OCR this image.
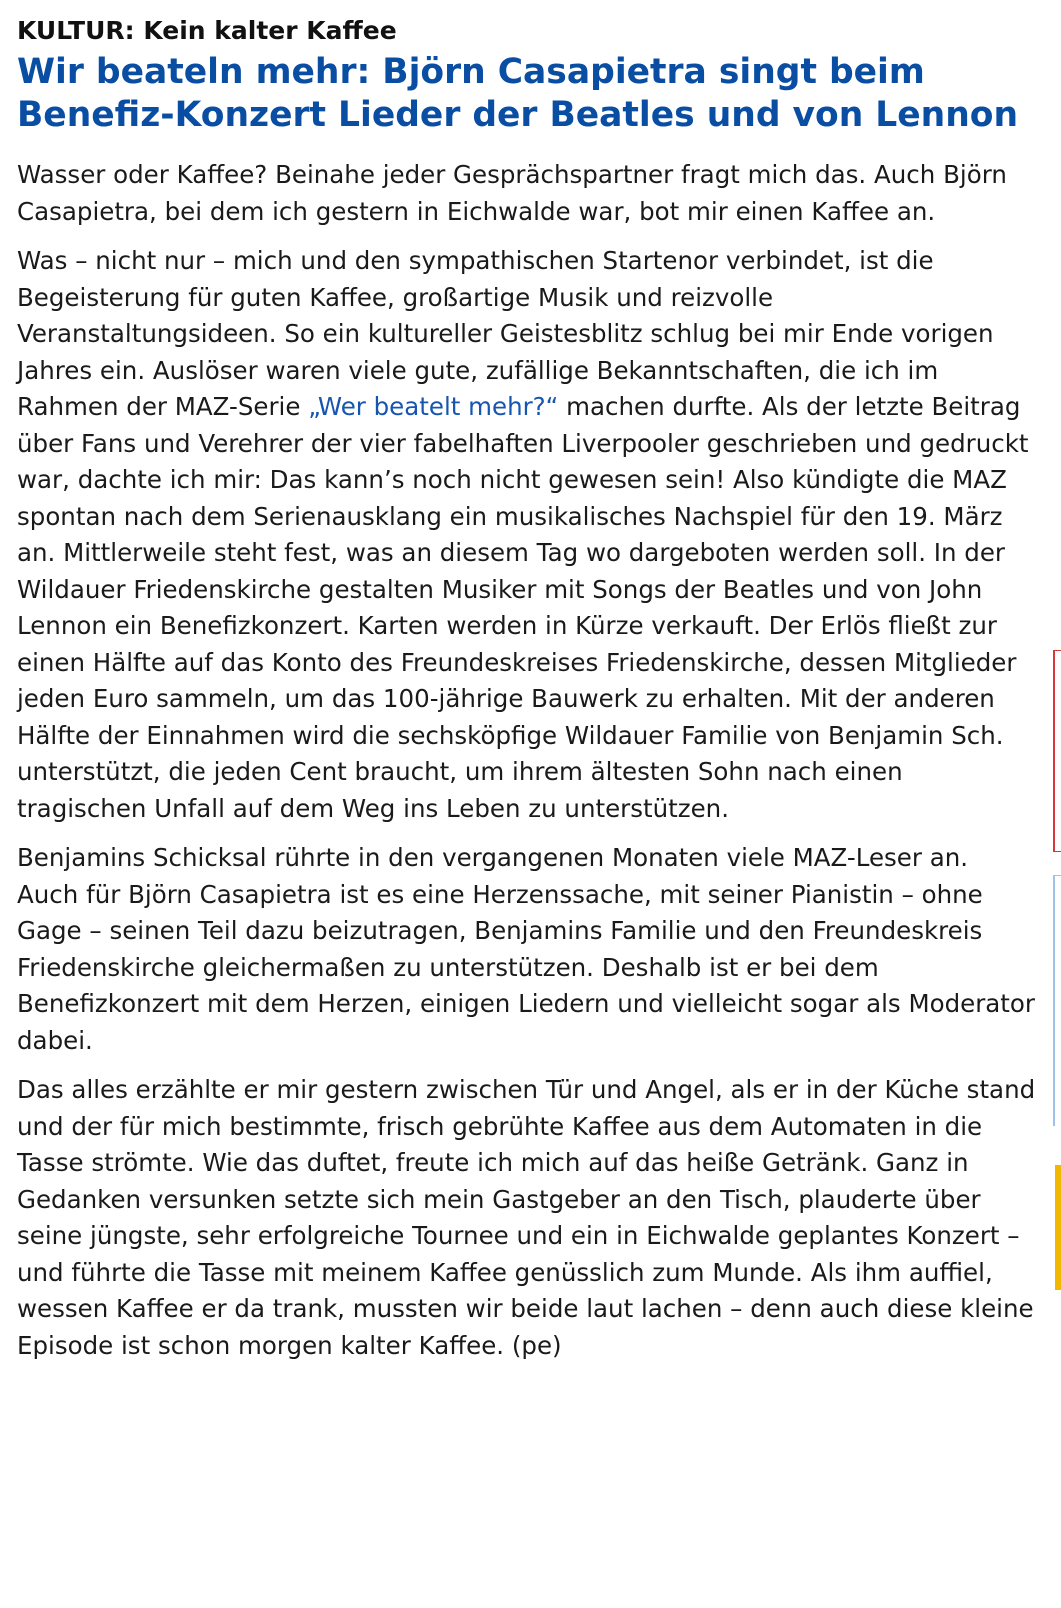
KULTUR: Kein kalter Kaffee
Wir beateln mehr: Björn Casapietra singt beim Benefiz-Konzert Lieder der Beatles und von Lennon

Wasser oder Kaffee? Beinahe jeder Gesprächspartner fragt mich das. Auch Björn Casapietra, bei dem ich gestern in Eichwalde war, bot mir einen Kaffee an.

Was – nicht nur – mich und den sympathischen Startenor verbindet, ist die Begeisterung für guten Kaffee, großartige Musik und reizvolle Veranstaltungsideen. So ein kultureller Geistesblitz schlug bei mir Ende vorigen Jahres ein. Auslöser waren viele gute, zufällige Bekanntschaften, die ich im Rahmen der MAZ-Serie „Wer beatelt mehr?“ machen durfte. Als der letzte Beitrag über Fans und Verehrer der vier fabelhaften Liverpooler geschrieben und gedruckt war, dachte ich mir: Das kann’s noch nicht gewesen sein! Also kündigte die MAZ spontan nach dem Serienausklang ein musikalisches Nachspiel für den 19. März an. Mittlerweile steht fest, was an diesem Tag wo dargeboten werden soll. In der Wildauer Friedenskirche gestalten Musiker mit Songs der Beatles und von John Lennon ein Benefizkonzert. Karten werden in Kürze verkauft. Der Erlös fließt zur einen Hälfte auf das Konto des Freundeskreises Friedenskirche, dessen Mitglieder jeden Euro sammeln, um das 100-jährige Bauwerk zu erhalten. Mit der anderen Hälfte der Einnahmen wird die sechsköpfige Wildauer Familie von Benjamin Sch. unterstützt, die jeden Cent braucht, um ihrem ältesten Sohn nach einen tragischen Unfall auf dem Weg ins Leben zu unterstützen.

Benjamins Schicksal rührte in den vergangenen Monaten viele MAZ-Leser an. Auch für Björn Casapietra ist es eine Herzenssache, mit seiner Pianistin – ohne Gage – seinen Teil dazu beizutragen, Benjamins Familie und den Freundeskreis Friedenskirche gleichermaßen zu unterstützen. Deshalb ist er bei dem Benefizkonzert mit dem Herzen, einigen Liedern und vielleicht sogar als Moderator dabei.

Das alles erzählte er mir gestern zwischen Tür und Angel, als er in der Küche stand und der für mich bestimmte, frisch gebrühte Kaffee aus dem Automaten in die Tasse strömte. Wie das duftet, freute ich mich auf das heiße Getränk. Ganz in Gedanken versunken setzte sich mein Gastgeber an den Tisch, plauderte über seine jüngste, sehr erfolgreiche Tournee und ein in Eichwalde geplantes Konzert – und führte die Tasse mit meinem Kaffee genüsslich zum Munde. Als ihm auffiel, wessen Kaffee er da trank, mussten wir beide laut lachen – denn auch diese kleine Episode ist schon morgen kalter Kaffee. (pe)
